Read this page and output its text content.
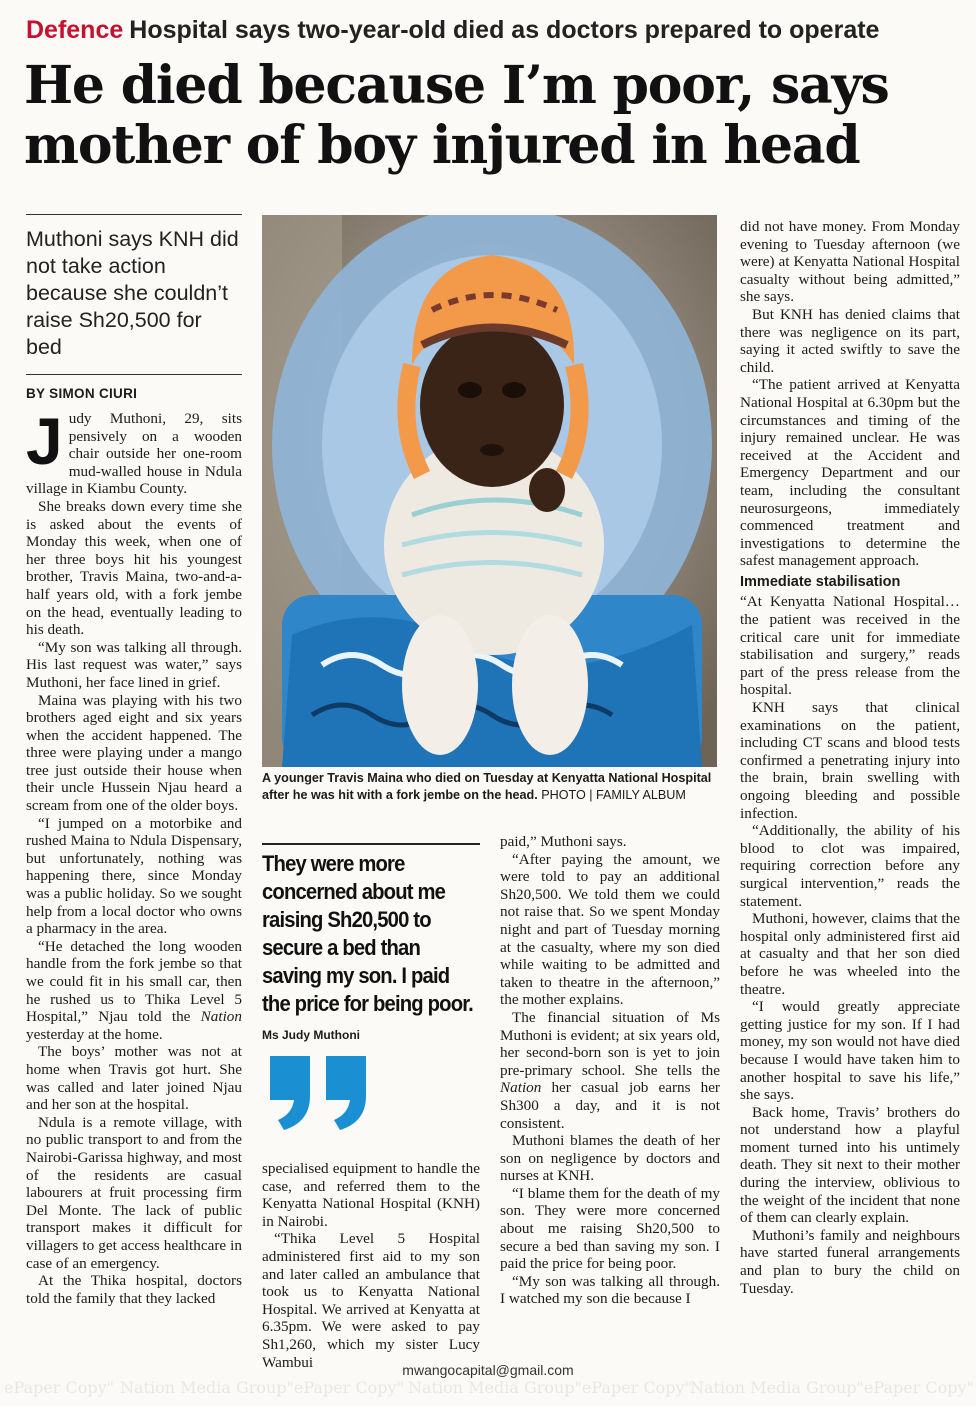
Defence Hospital says two-year-old died as doctors prepared to operate
He died because I’m poor, says mother of boy injured in head
Muthoni says KNH did not take action because she couldn’t raise Sh20,500 for bed
BY SIMON CIURI

Judy Muthoni, 29, sits pensively on a wooden chair outside her one-room mud-walled house in Ndula village in Kiambu County.

She breaks down every time she is asked about the events of Monday this week, when one of her three boys hit his youngest brother, Travis Maina, two-and-a-half years old, with a fork jembe on the head, eventually leading to his death.

“My son was talking all through. His last request was water,” says Muthoni, her face lined in grief.

Maina was playing with his two brothers aged eight and six years when the accident happened. The three were playing under a mango tree just outside their house when their uncle Hussein Njau heard a scream from one of the older boys.

“I jumped on a motorbike and rushed Maina to Ndula Dispensary, but unfortunately, nothing was happening there, since Monday was a public holiday. So we sought help from a local doctor who owns a pharmacy in the area.

“He detached the long wooden handle from the fork jembe so that we could fit in his small car, then he rushed us to Thika Level 5 Hospital,” Njau told the Nation yesterday at the home.

The boys’ mother was not at home when Travis got hurt. She was called and later joined Njau and her son at the hospital.

Ndula is a remote village, with no public transport to and from the Nairobi-Garissa highway, and most of the residents are casual labourers at fruit processing firm Del Monte. The lack of public transport makes it difficult for villagers to get access healthcare in case of an emergency.

At the Thika hospital, doctors told the family that they lacked

A younger Travis Maina who died on Tuesday at Kenyatta National Hospital after he was hit with a fork jembe on the head. PHOTO | FAMILY ALBUM
They were more concerned about me raising Sh20,500 to secure a bed than saving my son. I paid the price for being poor.
Ms Judy Muthoni

specialised equipment to handle the case, and referred them to the Kenyatta National Hospital (KNH) in Nairobi.

“Thika Level 5 Hospital administered first aid to my son and later called an ambulance that took us to Kenyatta National Hospital. We arrived at Kenyatta at 6.35pm. We were asked to pay Sh1,260, which my sister Lucy Wambui

paid,” Muthoni says.

“After paying the amount, we were told to pay an additional Sh20,500. We told them we could not raise that. So we spent Monday night and part of Tuesday morning at the casualty, where my son died while waiting to be admitted and taken to theatre in the afternoon,” the mother explains.

The financial situation of Ms Muthoni is evident; at six years old, her second-born son is yet to join pre-primary school. She tells the Nation her casual job earns her Sh300 a day, and it is not consistent.

Muthoni blames the death of her son on negligence by doctors and nurses at KNH.

“I blame them for the death of my son. They were more concerned about me raising Sh20,500 to secure a bed than saving my son. I paid the price for being poor.

“My son was talking all through. I watched my son die because I

did not have money. From Monday evening to Tuesday afternoon (we were) at Kenyatta National Hospital casualty without being admitted,” she says.

But KNH has denied claims that there was negligence on its part, saying it acted swiftly to save the child.

“The patient arrived at Kenyatta National Hospital at 6.30pm but the circumstances and timing of the injury remained unclear. He was received at the Accident and Emergency Department and our team, including the consultant neurosurgeons, immediately commenced treatment and investigations to determine the safest management approach.

Immediate stabilisation

“At Kenyatta National Hospital… the patient was received in the critical care unit for immediate stabilisation and surgery,” reads part of the press release from the hospital.

KNH says that clinical examinations on the patient, including CT scans and blood tests confirmed a penetrating injury into the brain, brain swelling with ongoing bleeding and possible infection.

“Additionally, the ability of his blood to clot was impaired, requiring correction before any surgical intervention,” reads the statement.

Muthoni, however, claims that the hospital only administered first aid at casualty and that her son died before he was wheeled into the theatre.

“I would greatly appreciate getting justice for my son. If I had money, my son would not have died because I would have taken him to another hospital to save his life,” she says.

Back home, Travis’ brothers do not understand how a playful moment turned into his untimely death. They sit next to their mother during the interview, oblivious to the weight of the incident that none of them can clearly explain.

Muthoni’s family and neighbours have started funeral arrangements and plan to bury the child on Tuesday.

ePaper Copy" Nation Media Group"ePaper Copy" Nation Media Group"ePaper Copy"
Nation Media Group"ePaper Copy"
mwangocapital@gmail.com
